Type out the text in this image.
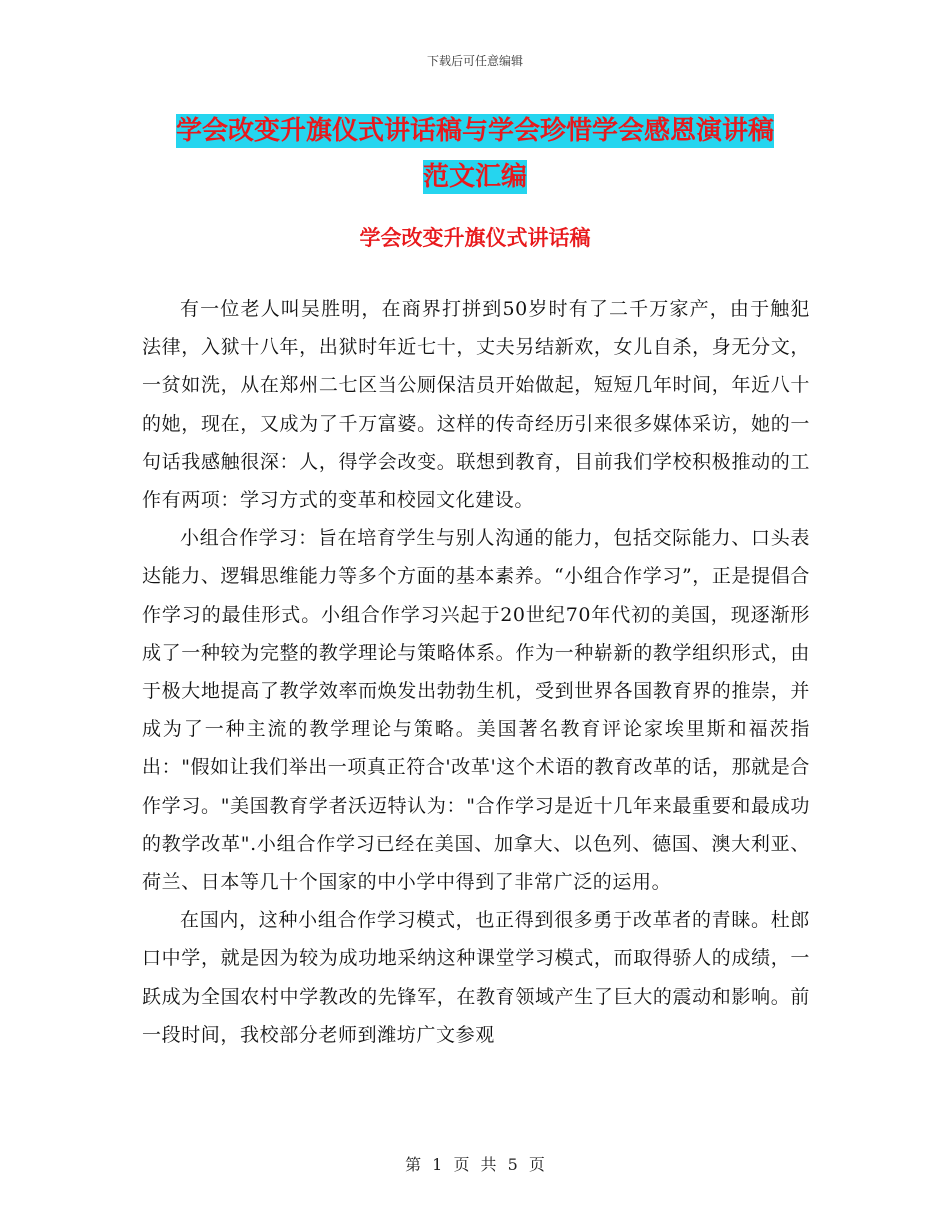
下载后可任意编辑
学会改变升旗仪式讲话稿与学会珍惜学会感恩演讲稿
范文汇编
学会改变升旗仪式讲话稿

有一位老人叫吴胜明，在商界打拼到50岁时有了二千万家产，由于触犯法律，入狱十八年，出狱时年近七十，丈夫另结新欢，女儿自杀，身无分文，一贫如洗，从在郑州二七区当公厕保洁员开始做起，短短几年时间，年近八十的她，现在，又成为了千万富婆。这样的传奇经历引来很多媒体采访，她的一句话我感触很深：人，得学会改变。联想到教育，目前我们学校积极推动的工作有两项：学习方式的变革和校园文化建设。

小组合作学习：旨在培育学生与别人沟通的能力，包括交际能力、口头表达能力、逻辑思维能力等多个方面的基本素养。“小组合作学习”，正是提倡合作学习的最佳形式。小组合作学习兴起于20世纪70年代初的美国，现逐渐形成了一种较为完整的教学理论与策略体系。作为一种崭新的教学组织形式，由于极大地提高了教学效率而焕发出勃勃生机，受到世界各国教育界的推崇，并成为了一种主流的教学理论与策略。美国著名教育评论家埃里斯和福茨指出："假如让我们举出一项真正符合'改革'这个术语的教育改革的话，那就是合作学习。"美国教育学者沃迈特认为："合作学习是近十几年来最重要和最成功的教学改革".小组合作学习已经在美国、加拿大、以色列、德国、澳大利亚、荷兰、日本等几十个国家的中小学中得到了非常广泛的运用。

在国内，这种小组合作学习模式，也正得到很多勇于改革者的青睐。杜郎口中学，就是因为较为成功地采纳这种课堂学习模式，而取得骄人的成绩，一跃成为全国农村中学教改的先锋军，在教育领域产生了巨大的震动和影响。前一段时间，我校部分老师到潍坊广文参观

第 1 页 共 5 页
